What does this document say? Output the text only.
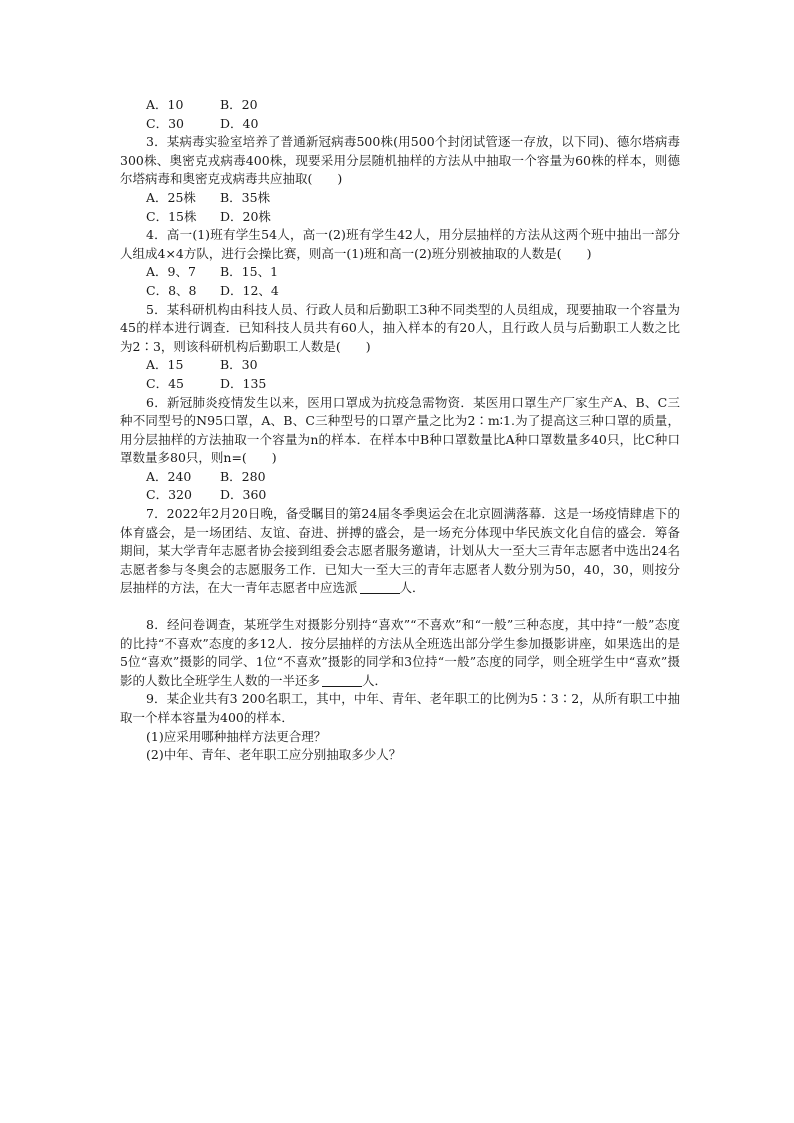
A．10	B．20
C．30	D．40
3．某病毒实验室培养了普通新冠病毒500株(用500个封闭试管逐一存放，以下同)、德尔塔病毒300株、奥密克戎病毒400株，现要采用分层随机抽样的方法从中抽取一个容量为60株的样本，则德尔塔病毒和奥密克戎病毒共应抽取(　　)
A．25株 B．35株
C．15株 D．20株
4．高一(1)班有学生54人，高一(2)班有学生42人，用分层抽样的方法从这两个班中抽出一部分人组成4×4方队，进行会操比赛，则高一(1)班和高一(2)班分别被抽取的人数是(　　)
A．9、7 B．15、1
C．8、8 D．12、4
5．某科研机构由科技人员、行政人员和后勤职工3种不同类型的人员组成，现要抽取一个容量为45的样本进行调查．已知科技人员共有60人，抽入样本的有20人，且行政人员与后勤职工人数之比为2∶3，则该科研机构后勤职工人数是(　　)
A．15	B．30
C．45	D．135
6．新冠肺炎疫情发生以来，医用口罩成为抗疫急需物资．某医用口罩生产厂家生产A、B、C三种不同型号的N95口罩，A、B、C三种型号的口罩产量之比为2∶m∶1.为了提高这三种口罩的质量，用分层抽样的方法抽取一个容量为n的样本．在样本中B种口罩数量比A种口罩数量多40只，比C种口罩数量多80只，则n=(　　)
A．240 B．280
C．320 D．360
7．2022年2月20日晚，备受瞩目的第24届冬季奥运会在北京圆满落幕．这是一场疫情肆虐下的体育盛会，是一场团结、友谊、奋进、拼搏的盛会，是一场充分体现中华民族文化自信的盛会．筹备期间，某大学青年志愿者协会接到组委会志愿者服务邀请，计划从大一至大三青年志愿者中选出24名志愿者参与冬奥会的志愿服务工作．已知大一至大三的青年志愿者人数分别为50，40，30，则按分层抽样的方法，在大一青年志愿者中应选派	人．
8．经问卷调查，某班学生对摄影分别持“喜欢”“不喜欢”和“一般”三种态度，其中持“一般”态度的比持“不喜欢”态度的多12人．按分层抽样的方法从全班选出部分学生参加摄影讲座，如果选出的是5位“喜欢”摄影的同学、1位“不喜欢”摄影的同学和3位持“一般”态度的同学，则全班学生中“喜欢”摄影的人数比全班学生人数的一半还多	人．
9．某企业共有3 200名职工，其中，中年、青年、老年职工的比例为5∶3∶2，从所有职工中抽取一个样本容量为400的样本．
(1)应采用哪种抽样方法更合理？
(2)中年、青年、老年职工应分别抽取多少人？
